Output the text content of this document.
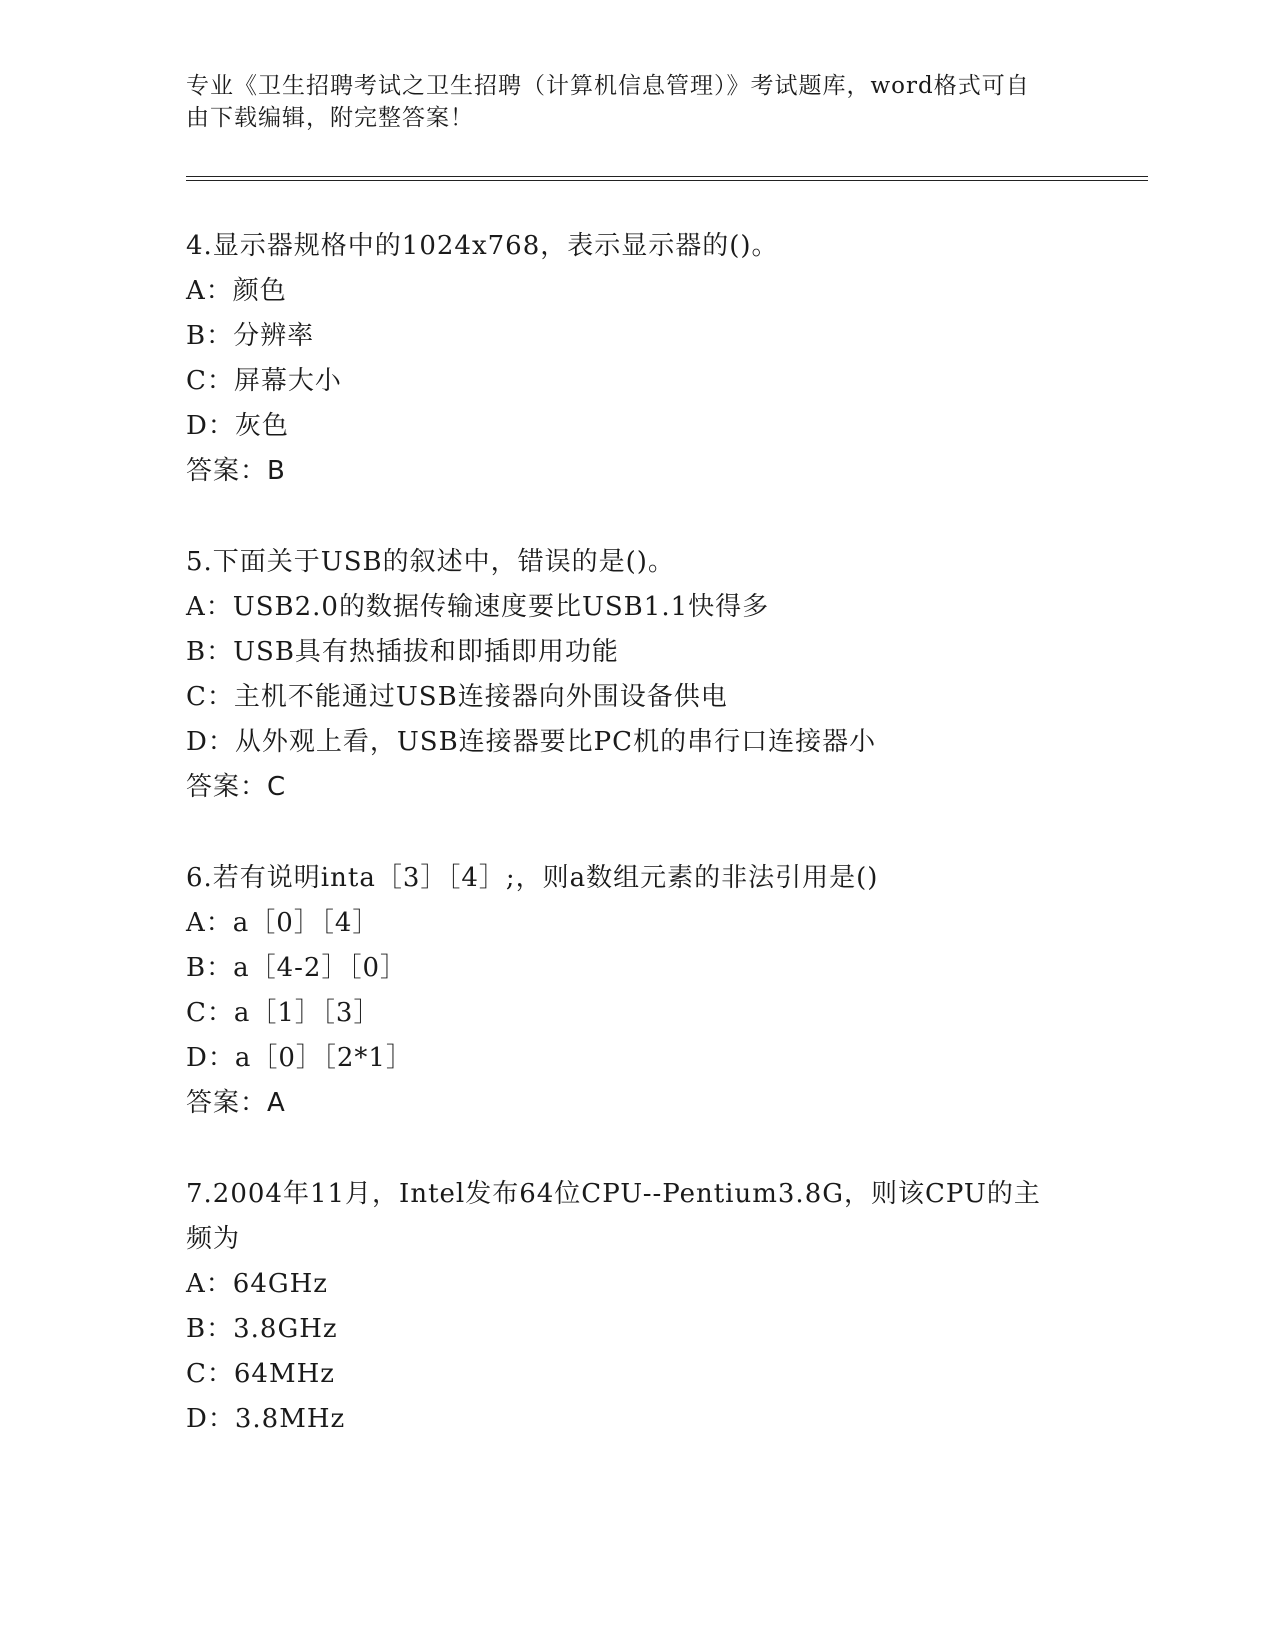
专业《卫生招聘考试之卫生招聘（计算机信息管理）》考试题库，word格式可自
由下载编辑，附完整答案！
4.显示器规格中的1024x768，表示显示器的()。
A：颜色
B：分辨率
C：屏幕大小
D：灰色
答案：B
5.下面关于USB的叙述中，错误的是()。
A：USB2.0的数据传输速度要比USB1.1快得多
B：USB具有热插拔和即插即用功能
C：主机不能通过USB连接器向外围设备供电
D：从外观上看，USB连接器要比PC机的串行口连接器小
答案：C
6.若有说明inta［3］［4］;，则a数组元素的非法引用是()
A：a［0］［4］
B：a［4-2］［0］
C：a［1］［3］
D：a［0］［2*1］
答案：A
7.2004年11月，Intel发布64位CPU--Pentium3.8G，则该CPU的主
频为
A：64GHz
B：3.8GHz
C：64MHz
D：3.8MHz
